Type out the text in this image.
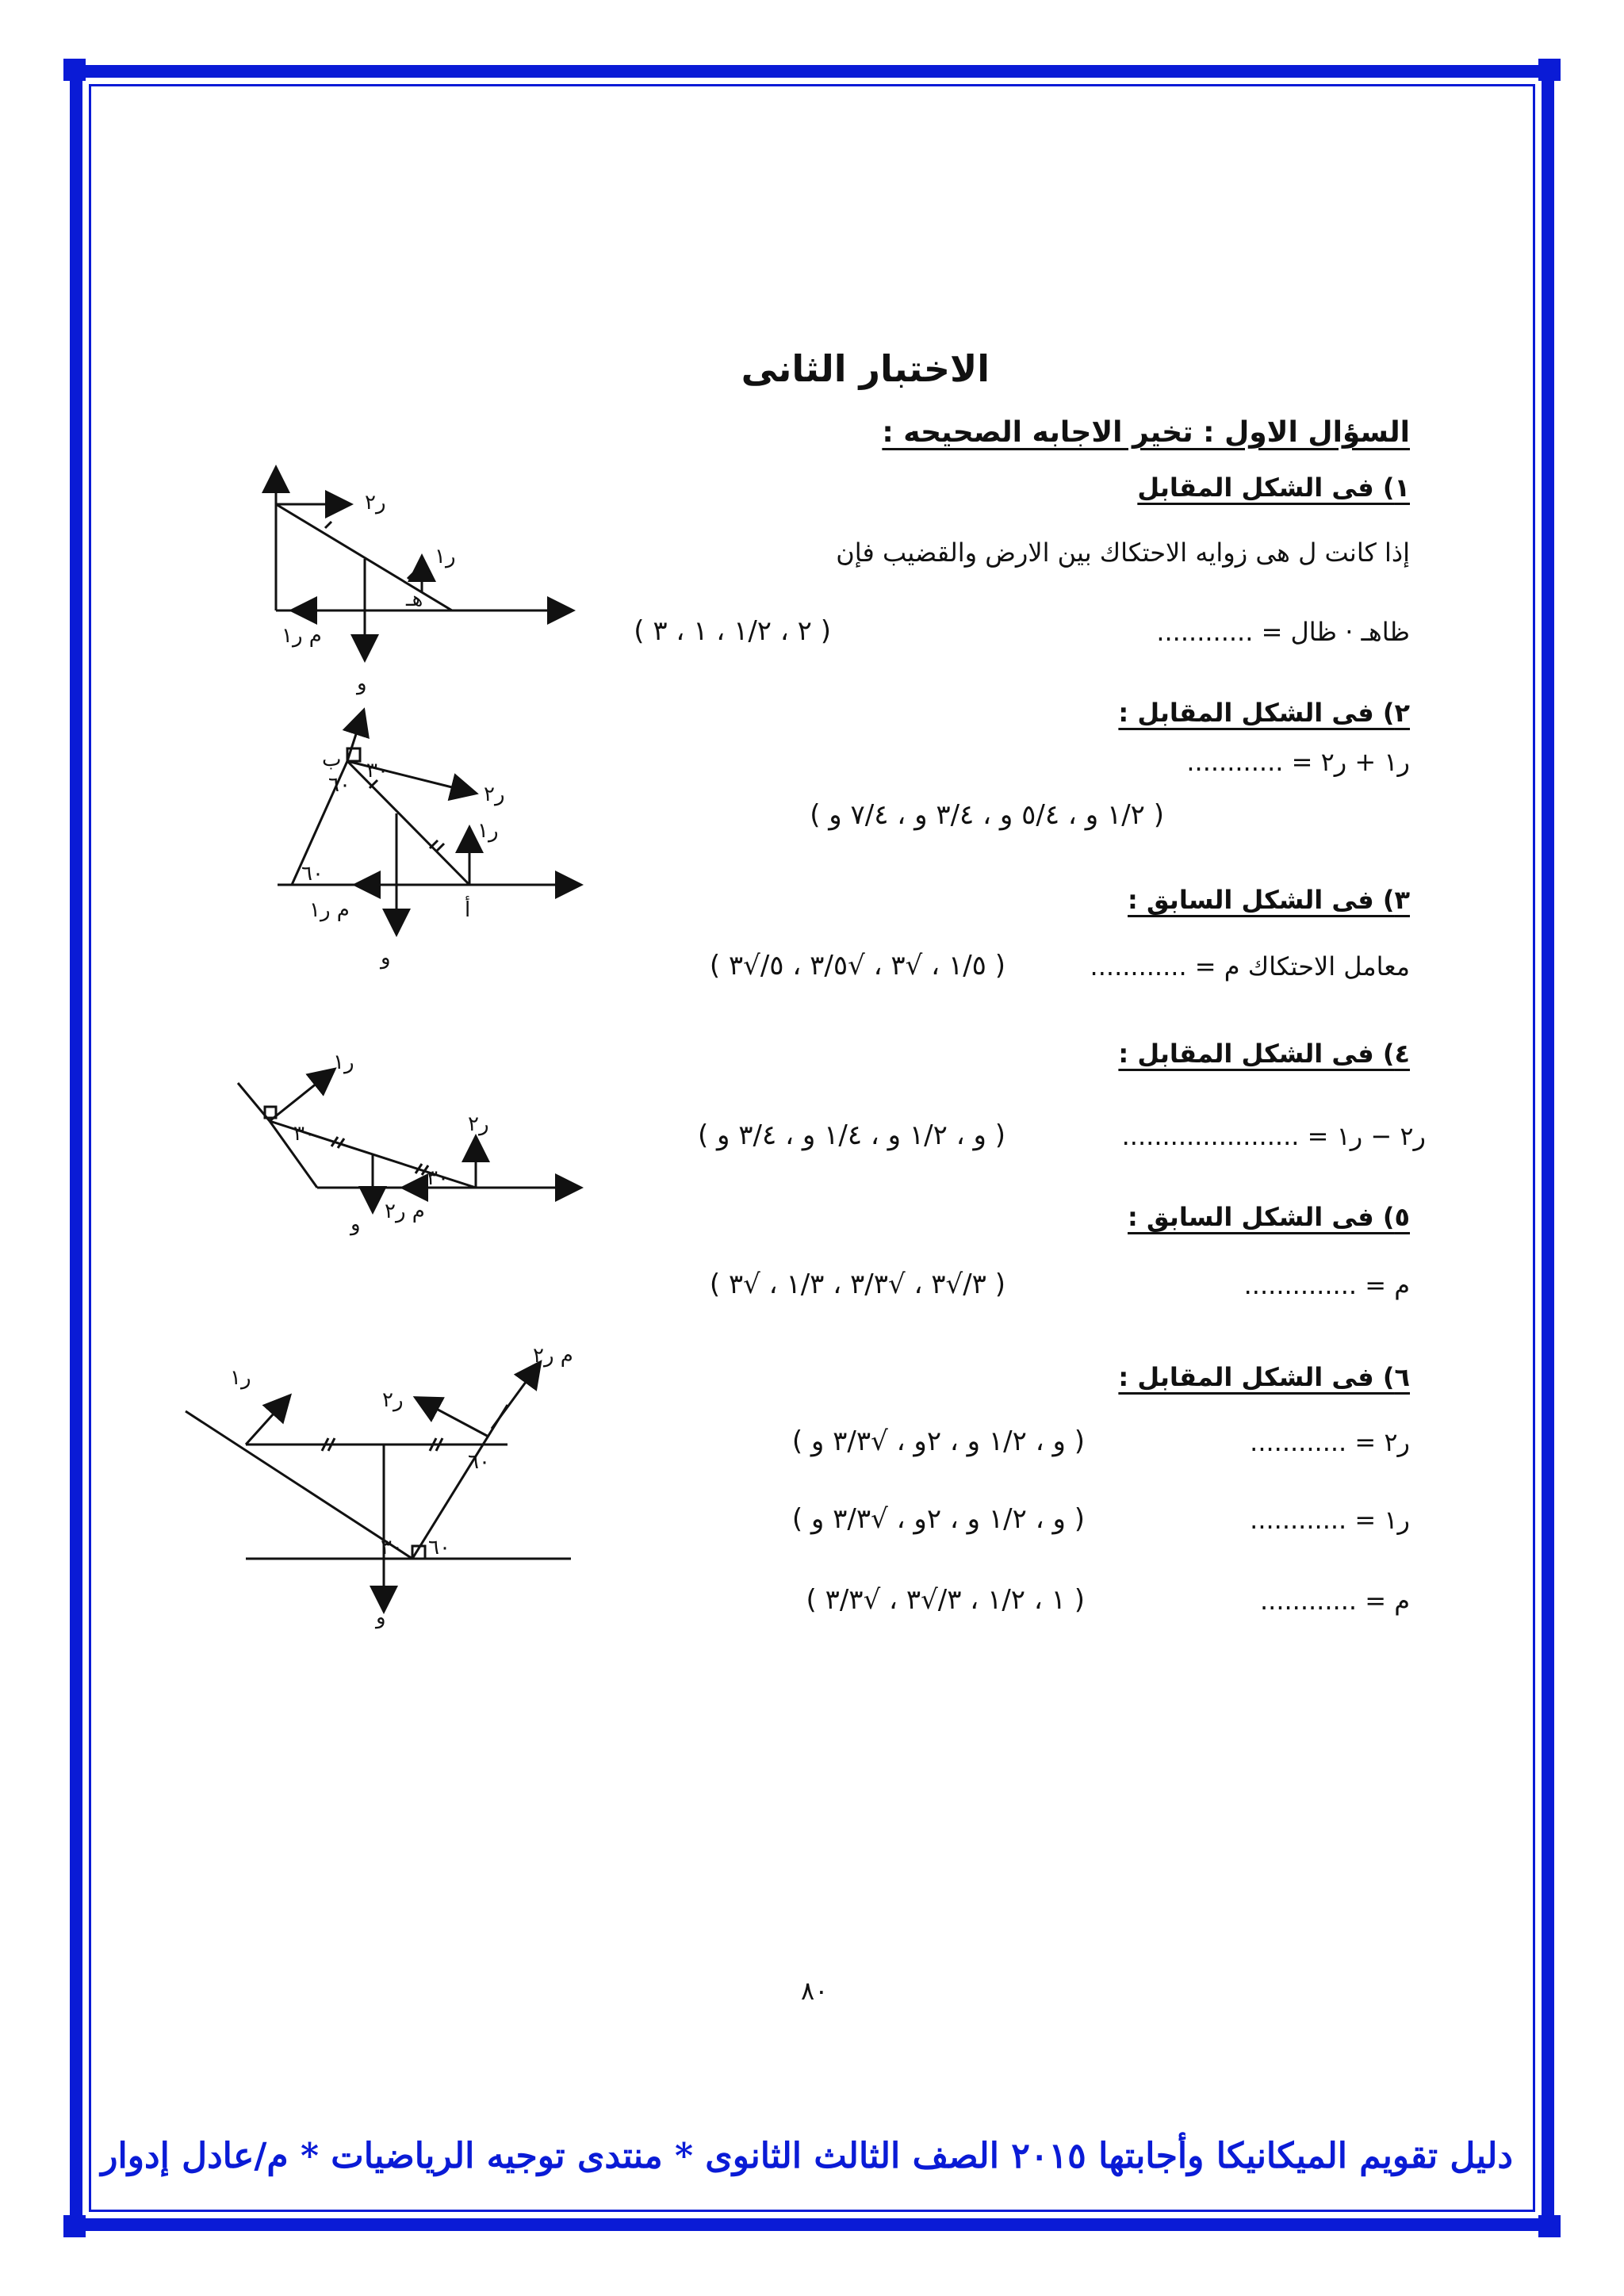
الاختبار الثانى
السؤال الاول : تخير الاجابه الصحيحه :
١) فى الشكل المقابل
إذا كانت ل هى زوايه الاحتكاك بين الارض والقضيب فإن
ظاهـ · ظال = ............
( ٢ ، ١/٢ ، ١ ، ٣ )
٢) فى الشكل المقابل :
ر١ + ر٢ = ............
( ١/٢ و ، ٥/٤ و ، ٣/٤ و ، ٧/٤ و )
٣) فى الشكل السابق :
معامل الاحتكاك م = ............
( ١/٥ ، √٣ ، √٣/٥ ، ٥/√٣ )
٤) فى الشكل المقابل :
ر٢ − ر١ = ......................
( و ، ١/٢ و ، ١/٤ و ، ٣/٤ و )
٥) فى الشكل السابق :
م = ..............
( ٣/√٣ ، √٣/٣ ، ١/٣ ، √٣ )
٦) فى الشكل المقابل :
ر٢ = ............
( و ، ١/٢ و ، ٢و ، √٣/٣ و )
ر١ = ............
( و ، ١/٢ و ، ٢و ، √٣/٣ و )
م = ............
( ١ ، ١/٢ ، ٣/√٣ ، √٣/٣ )
ر٢
ر١
م ر١
و
هـ
ب
٦٠
٣٠
ر٢
ر١
٦٠
م ر١	أ
و
ر١
ر٢
٣٠
٣٠
م ر٢
و
ر١
ر٢
م ر٢
٦٠
٣٠ ٦٠
و
٨٠
دليل تقويم الميكانيكا وأجابتها ٢٠١٥ الصف الثالث الثانوى * منتدى توجيه الرياضيات * م/عادل إدوار
